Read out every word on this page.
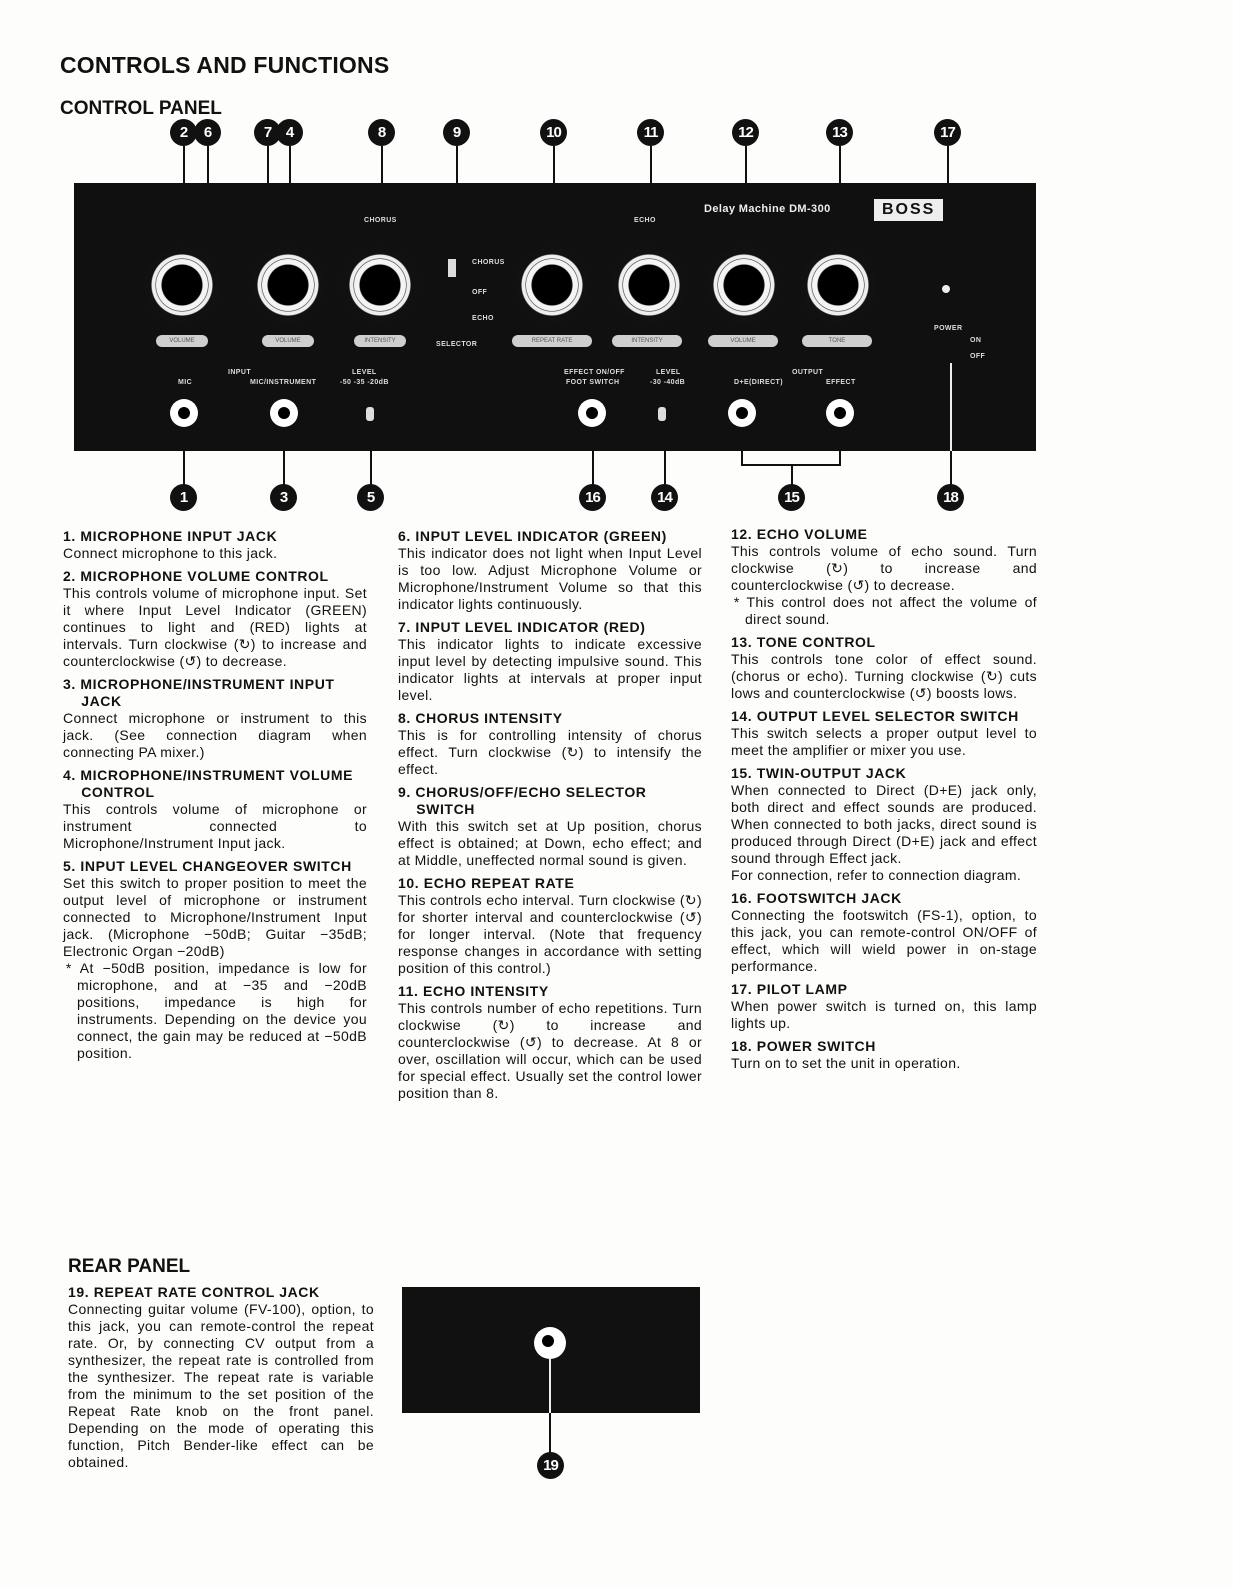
CONTROLS AND FUNCTIONS
CONTROL PANEL
2	6	7 4	8	9	10	11	12	13	17
CHORUS	ECHO
Delay Machine DM-300	BOSS
VOLUME	VOLUME	INTENSITY	REPEAT RATE	INTENSITY	VOLUME	TONE
CHORUS
OFF
ECHO
SELECTOR
POWER
ON
OFF
INPUT
MIC	MIC/INSTRUMENT
LEVEL
-50 -35 -20dB
EFFECT ON/OFF
FOOT SWITCH
LEVEL
-30 -40dB
OUTPUT
D+E(DIRECT)	EFFECT
1	3	5	16	14	15	18
1. MICROPHONE INPUT JACK

Connect microphone to this jack.

2. MICROPHONE VOLUME CONTROL

This controls volume of microphone input. Set it where Input Level Indicator (GREEN) continues to light and (RED) lights at intervals. Turn clockwise (↻) to increase and counterclockwise (↺) to decrease.

3. MICROPHONE/INSTRUMENT INPUT JACK

Connect microphone or instrument to this jack. (See connection diagram when connecting PA mixer.)

4. MICROPHONE/INSTRUMENT VOLUME CONTROL

This controls volume of microphone or instrument connected to Microphone/Instrument Input jack.

5. INPUT LEVEL CHANGEOVER SWITCH

Set this switch to proper position to meet the output level of microphone or instrument connected to Microphone/Instrument Input jack. (Microphone −50dB; Guitar −35dB; Electronic Organ −20dB)

* At −50dB position, impedance is low for microphone, and at −35 and −20dB positions, impedance is high for instruments. Depending on the device you connect, the gain may be reduced at −50dB position.

6. INPUT LEVEL INDICATOR (GREEN)

This indicator does not light when Input Level is too low. Adjust Microphone Volume or Microphone/Instrument Volume so that this indicator lights continuously.

7. INPUT LEVEL INDICATOR (RED)

This indicator lights to indicate excessive input level by detecting impulsive sound. This indicator lights at intervals at proper input level.

8. CHORUS INTENSITY

This is for controlling intensity of chorus effect. Turn clockwise (↻) to intensify the effect.

9. CHORUS/OFF/ECHO SELECTOR SWITCH

With this switch set at Up position, chorus effect is obtained; at Down, echo effect; and at Middle, uneffected normal sound is given.

10. ECHO REPEAT RATE

This controls echo interval. Turn clockwise (↻) for shorter interval and counterclockwise (↺) for longer interval. (Note that frequency response changes in accordance with setting position of this control.)

11. ECHO INTENSITY

This controls number of echo repetitions. Turn clockwise (↻) to increase and counterclockwise (↺) to decrease. At 8 or over, oscillation will occur, which can be used for special effect. Usually set the control lower position than 8.

12. ECHO VOLUME

This controls volume of echo sound. Turn clockwise (↻) to increase and counterclockwise (↺) to decrease.

* This control does not affect the volume of direct sound.

13. TONE CONTROL

This controls tone color of effect sound. (chorus or echo). Turning clockwise (↻) cuts lows and counterclockwise (↺) boosts lows.

14. OUTPUT LEVEL SELECTOR SWITCH

This switch selects a proper output level to meet the amplifier or mixer you use.

15. TWIN-OUTPUT JACK

When connected to Direct (D+E) jack only, both direct and effect sounds are produced. When connected to both jacks, direct sound is produced through Direct (D+E) jack and effect sound through Effect jack.

For connection, refer to connection diagram.

16. FOOTSWITCH JACK

Connecting the footswitch (FS-1), option, to this jack, you can remote-control ON/OFF of effect, which will wield power in on-stage performance.

17. PILOT LAMP

When power switch is turned on, this lamp lights up.

18. POWER SWITCH

Turn on to set the unit in operation.

REAR PANEL
19. REPEAT RATE CONTROL JACK

Connecting guitar volume (FV-100), option, to this jack, you can remote-control the repeat rate. Or, by connecting CV output from a synthesizer, the repeat rate is controlled from the synthesizer. The repeat rate is variable from the minimum to the set position of the Repeat Rate knob on the front panel. Depending on the mode of operating this function, Pitch Bender-like effect can be obtained.	19
